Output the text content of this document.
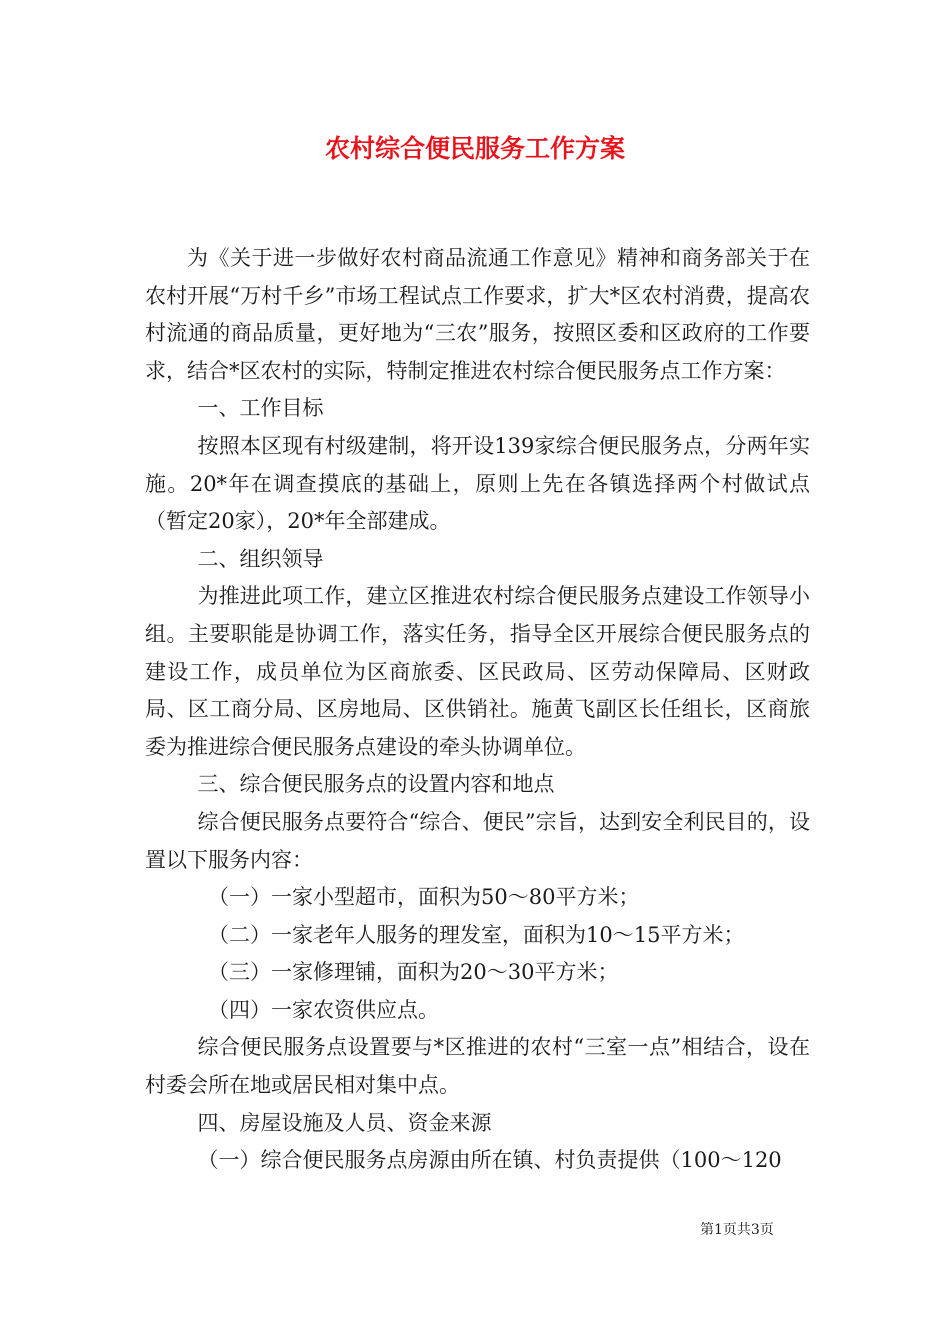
农村综合便民服务工作方案

为《关于进一步做好农村商品流通工作意见》精神和商务部关于在农村开展“万村千乡”市场工程试点工作要求，扩大*区农村消费，提高农村流通的商品质量，更好地为“三农”服务，按照区委和区政府的工作要求，结合*区农村的实际，特制定推进农村综合便民服务点工作方案：

一、工作目标

按照本区现有村级建制，将开设139家综合便民服务点，分两年实施。20*年在调查摸底的基础上，原则上先在各镇选择两个村做试点（暂定20家），20*年全部建成。

二、组织领导

为推进此项工作，建立区推进农村综合便民服务点建设工作领导小组。主要职能是协调工作，落实任务，指导全区开展综合便民服务点的建设工作，成员单位为区商旅委、区民政局、区劳动保障局、区财政局、区工商分局、区房地局、区供销社。施黄飞副区长任组长，区商旅委为推进综合便民服务点建设的牵头协调单位。

三、综合便民服务点的设置内容和地点

综合便民服务点要符合“综合、便民”宗旨，达到安全利民目的，设置以下服务内容：

（一）一家小型超市，面积为50～80平方米；

（二）一家老年人服务的理发室，面积为10～15平方米；

（三）一家修理铺，面积为20～30平方米；

（四）一家农资供应点。

综合便民服务点设置要与*区推进的农村“三室一点”相结合，设在村委会所在地或居民相对集中点。

四、房屋设施及人员、资金来源

（一）综合便民服务点房源由所在镇、村负责提供（100～120

第1页共3页
